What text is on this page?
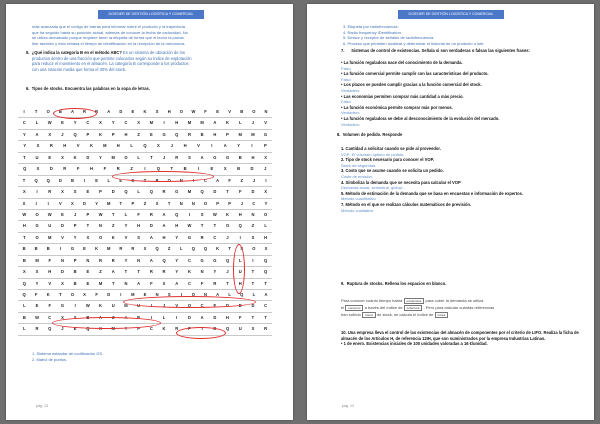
DOSSIER DE GESTIÓN LOGÍSTICA Y COMERCIAL
más avanzada que el código de barras para informar sobre el producto y la trayectoria
que ha seguido hasta su posición actual, además de conocer la fecha de caducidad. No
se utiliza demasiado porque requiere tener la etiqueta de forma que el lector la pueda
leer también y esto retrasa el tiempo de identificación en la recepción de la mercancía.
5. ¿Qué indica la categoría B en el método ABC? Es un sistema de ubicación de los
productos dentro de una fracción que permite colocarlos según su índice de explotación
para reducir el movimiento en el almacén. La categoría B corresponde a los productos
con una rotación media que forma el 30% del stock.
6. Tipos de stocks. Encuentra las palabras en la sopa de letras.
I	T	O	B	A	R	R	A	D	E	K	S	H	O	W	F	E	V	B	O	N
C	L	W	E	Y	C	X	Y	C	X	M	I	H	M	M	A	K	L	J	V
Y	A	X	J	Q	P	K	P	H	Z	E	G	Q	R	B	H	P	M	M	G
Y	X	R	H	V	K	M	H	L	Q	X	J	H	V	I	A	Y	I	P
T	U	E	X	K	D	Y	M	O	L	T	J	R	S	A	G	G	B	H	X
Q	X	D	R	F	H	F	R	Z	I	Q	T	B	I	E	X	B	D	J
T	Q	Q	D	B	I	E	L	E	C	T	R	O	N	I	C	A	F	Z	J	I
X	I	R	X	S	E	P	D	Q	L	Q	R	G	M	Q	D	T	F	D	X
X	I	I	V	X	D	Y	M	T	P	Z	X	T	N	N	O	P	P	J	C	Y
W	O	W	E	J	P	W	T	L	F	R	A	Q	I	S	W	K	H	N	O
H	G	U	D	P	T	N	Z	Y	H	D	A	H	W	T	T	O	Q	Z	L
T	O	M	V	Y	X	O	K	V	S	A	H	Y	G	R	C	J	I	S	H
B	B	B	I	G	E	K	M	R	R	X	Q	Z	L	Q	Q	K	T	S	O	X
B	M	F	N	P	N	R	R	Y	N	A	Q	Y	C	G	G	Q	L	I	Q
X	X	H	D	B	E	Z	A	T	T	R	R	Y	K	N	Y	J	U	T	Q
Q	Y	V	X	B	E	M	T	N	A	F	X	A	C	F	R	T	H	T	T
Q	F	K	T	O	X	F	D	I	M	E	N	S	I	O	N	A	L	Q	L	A
L	E	F	G	I	W	K	U	M	U	I	J	V	O	C	E	D	D	D	C
B	W	C	X	X	B	A	Z	A	R	I	L	I	D	A	D	H	F	T	T
L	R	Q	J	E	Q	X	M	Y	P	C	K	R	F	I	D	Q	U	X	R
1. Sistema estándar de codificación GS.
2. Matriz de puntos.
pág. 13
DOSSIER DE GESTIÓN LOGÍSTICA Y COMERCIAL
3. Etiqueta por radiofrecuencia.
4. Radio frequency IDentification.
5. Emisor y receptor de señales de radiofrecuencia.
6. Proceso que permiten localizar y determinar el historial de un producto o lote.
7. Sistemas de control de existencias. Señala si son verdaderas o falsas las siguientes frases:
• La función reguladora nace del conocimiento de la demanda.
Falso
• La función comercial permite cumplir con las características del producto.
Falso
• Los plazos se pueden cumplir gracias a la función comercial del stock.
Verdadero
• Las economías permiten comprar más cantidad a más precio.
Falso
• La función económica permite comprar más por menos.
Verdadero
• La función reguladora se debe al desconocimiento de la evolución del mercado.
Verdadero
8. Volumen de pedido. Responde
1. Cantidad a solicitar cuando se pide al proveedor.
VOP: El volumen óptimo de pedido.
2. Tipo de stock necesario para conocer el VOP.
Stock de seguridad.
3. Costo que se asume cuando se solicita un pedido.
Coste de emisión.
4. Simboliza la demanda que se necesita para calcular el VOP
Demanda anual, semestral, global…
5. Método de estimación de la demanda que se basa en encuestas e información de expertos.
Método cuantitativo
7. Método en el que se realizan cálculos matemáticos de previsión.
Método cualitativo
9. Ruptura de stocks. Rellena los espacios en blanco.
Para conocer cuánto tiempo habrá existencias para cubrir la demanda se utiliza
el consumo a través del índice de cobertura . Pero para calcular cuántas referencias
han sufrido rotura de stock, se calcula el índice de rotura
10. Una empresa lleva el control de las existencias del almacén de componentes por el criterio de LIFO. Realiza la ficha de almacén de los Artículos H, de referencia 12IH, que son suministrados por la empresa Industrias Latinas.
• 1 de enero. Existencias iniciales de 100 unidades valoradas a 16 €/unidad.
pág. 13
